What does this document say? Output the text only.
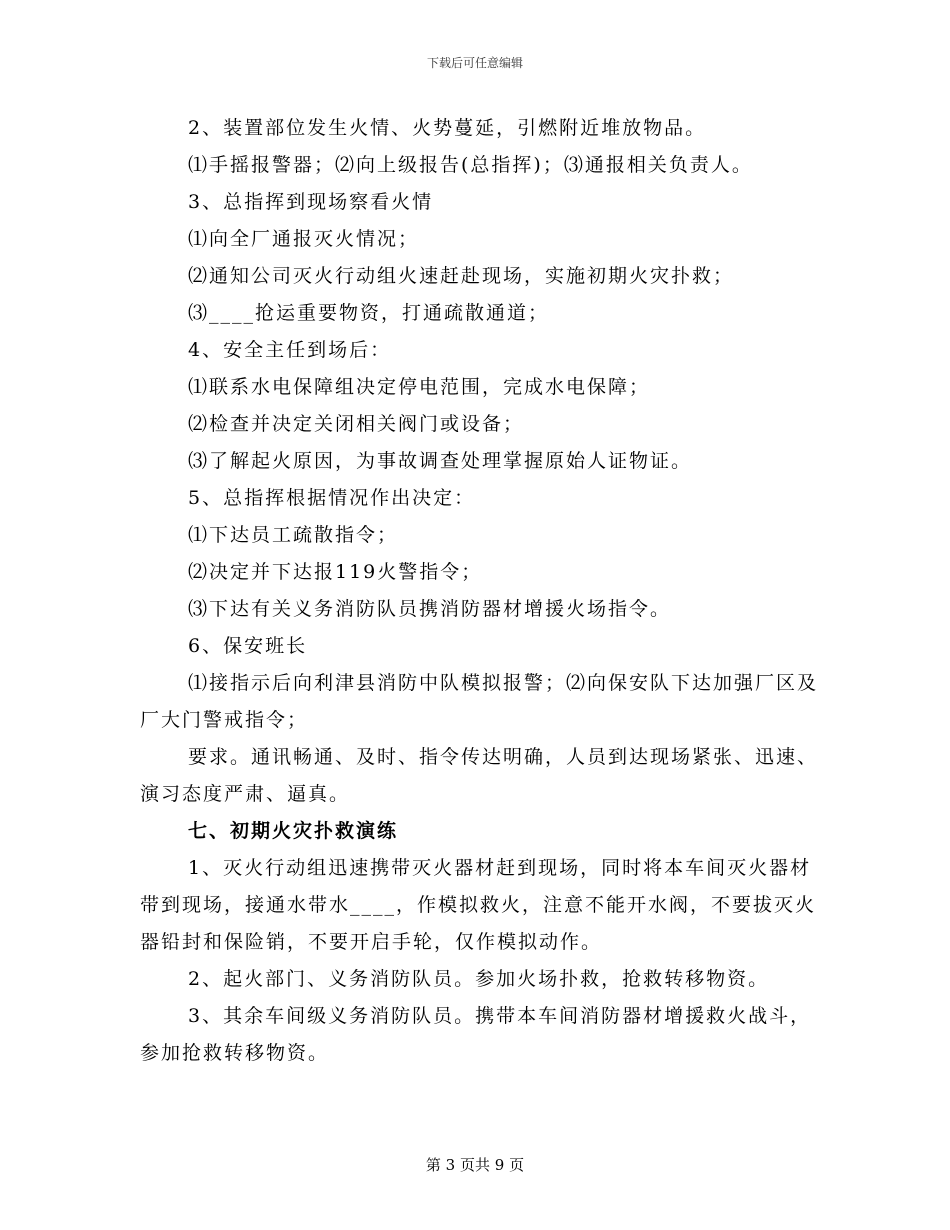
下载后可任意编辑

2、装置部位发生火情、火势蔓延，引燃附近堆放物品。

⑴手摇报警器；⑵向上级报告(总指挥)；⑶通报相关负责人。

3、总指挥到现场察看火情

⑴向全厂通报灭火情况；

⑵通知公司灭火行动组火速赶赴现场，实施初期火灾扑救；

⑶____抢运重要物资，打通疏散通道；

4、安全主任到场后：

⑴联系水电保障组决定停电范围，完成水电保障；

⑵检查并决定关闭相关阀门或设备；

⑶了解起火原因，为事故调查处理掌握原始人证物证。

5、总指挥根据情况作出决定：

⑴下达员工疏散指令；

⑵决定并下达报119火警指令；

⑶下达有关义务消防队员携消防器材增援火场指令。

6、保安班长

⑴接指示后向利津县消防中队模拟报警；⑵向保安队下达加强厂区及厂大门警戒指令；

要求。通讯畅通、及时、指令传达明确，人员到达现场紧张、迅速、演习态度严肃、逼真。

七、初期火灾扑救演练

1、灭火行动组迅速携带灭火器材赶到现场，同时将本车间灭火器材带到现场，接通水带水____，作模拟救火，注意不能开水阀，不要拔灭火器铅封和保险销，不要开启手轮，仅作模拟动作。

2、起火部门、义务消防队员。参加火场扑救，抢救转移物资。

3、其余车间级义务消防队员。携带本车间消防器材增援救火战斗，参加抢救转移物资。

第 3 页共 9 页
